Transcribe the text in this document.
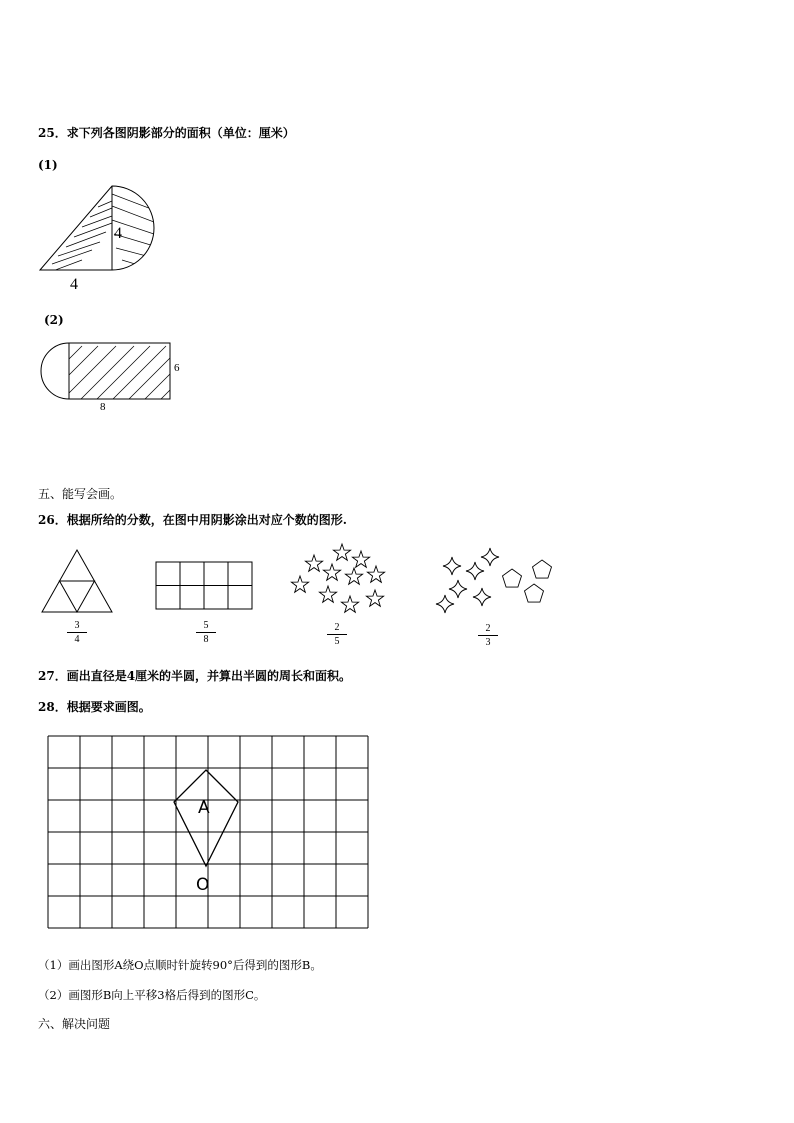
25．求下列各图阴影部分的面积（单位：厘米）
(1)
4
4
(2)
6
8
五、能写会画。
26．根据所给的分数，在图中用阴影涂出对应个数的图形.
$\frac{3}{4}$	$\frac{5}{8}$	$\frac{2}{5}$	$\frac{2}{3}$
27．画出直径是4厘米的半圆，并算出半圆的周长和面积。
28．根据要求画图。
A
O
（1）画出图形A绕O点顺时针旋转90°后得到的图形B。
（2）画图形B向上平移3格后得到的图形C。
六、解决问题
